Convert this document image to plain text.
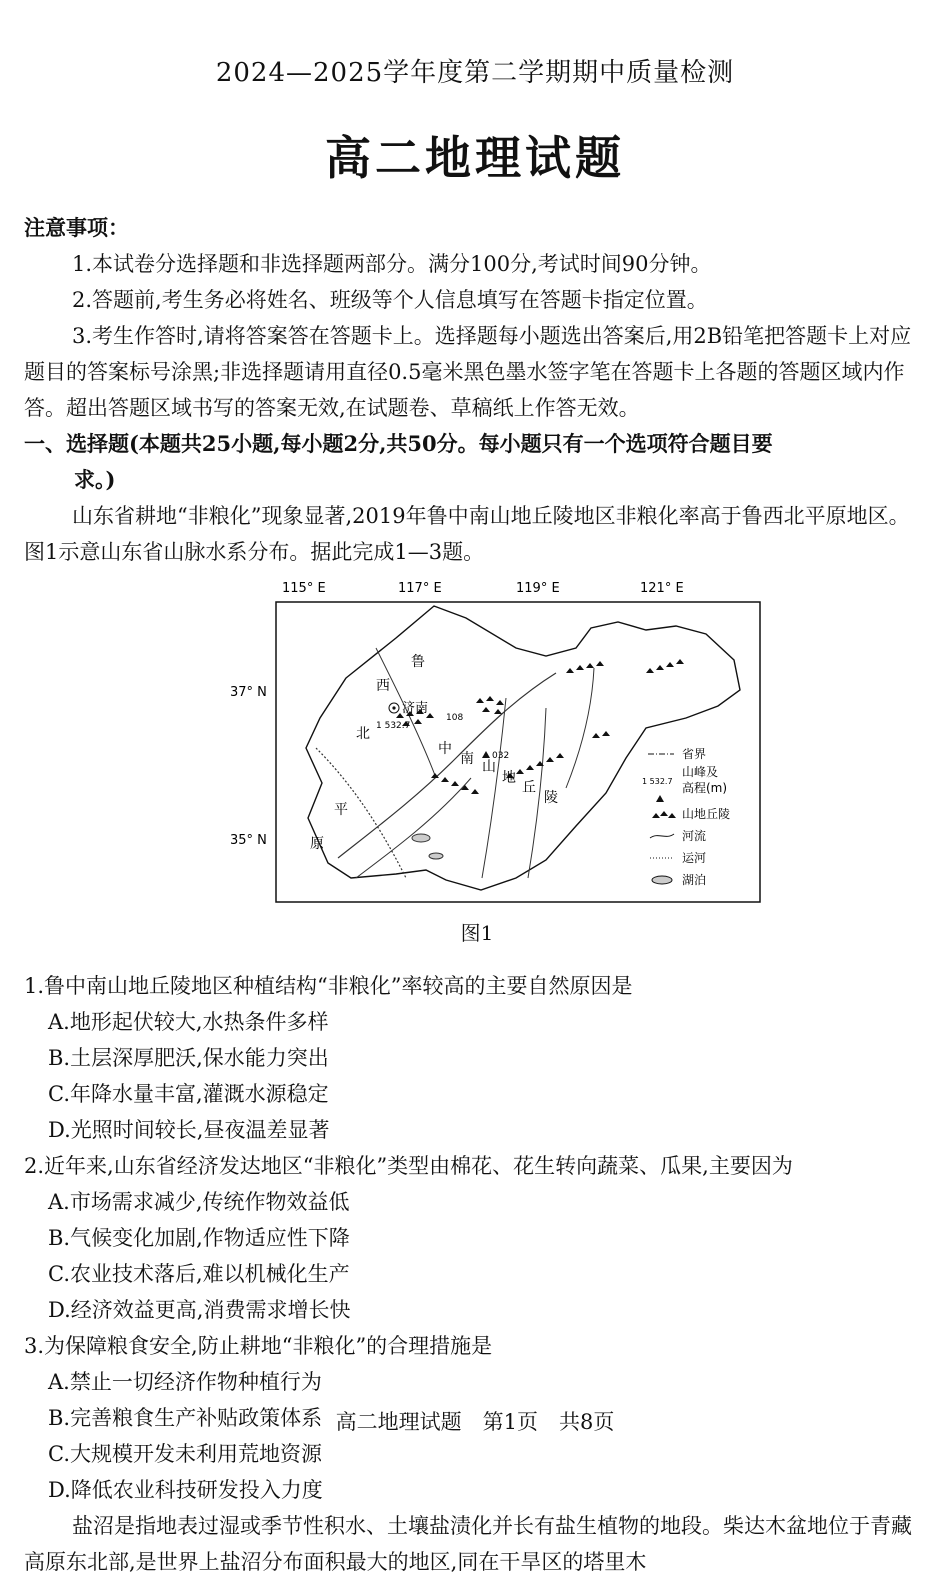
2024—2025学年度第二学期期中质量检测
高二地理试题

注意事项：

1.本试卷分选择题和非选择题两部分。满分100分,考试时间90分钟。

2.答题前,考生务必将姓名、班级等个人信息填写在答题卡指定位置。

3.考生作答时,请将答案答在答题卡上。选择题每小题选出答案后,用2B铅笔把答题卡上对应题目的答案标号涂黑;非选择题请用直径0.5毫米黑色墨水签字笔在答题卡上各题的答题区域内作答。超出答题区域书写的答案无效,在试题卷、草稿纸上作答无效。

一、选择题(本题共25小题,每小题2分,共50分。每小题只有一个选项符合题目要

求。)

山东省耕地“非粮化”现象显著,2019年鲁中南山地丘陵地区非粮化率高于鲁西北平原地区。图1示意山东省山脉水系分布。据此完成1—3题。

115° E	117° E	119° E	121° E
37° N
35° N
济南
1 532.7
108
032
鲁
西
北
平
原
中
南 山
地
丘
陵
省界
1 532.7
山峰及
高程(m)
山地丘陵
河流
运河
湖泊
图1

1.鲁中南山地丘陵地区种植结构“非粮化”率较高的主要自然原因是

A.地形起伏较大,水热条件多样

B.土层深厚肥沃,保水能力突出

C.年降水量丰富,灌溉水源稳定

D.光照时间较长,昼夜温差显著

2.近年来,山东省经济发达地区“非粮化”类型由棉花、花生转向蔬菜、瓜果,主要因为

A.市场需求减少,传统作物效益低

B.气候变化加剧,作物适应性下降

C.农业技术落后,难以机械化生产

D.经济效益更高,消费需求增长快

3.为保障粮食安全,防止耕地“非粮化”的合理措施是

A.禁止一切经济作物种植行为

B.完善粮食生产补贴政策体系

C.大规模开发未利用荒地资源

D.降低农业科技研发投入力度

盐沼是指地表过湿或季节性积水、土壤盐渍化并长有盐生植物的地段。柴达木盆地位于青藏高原东北部,是世界上盐沼分布面积最大的地区,同在干旱区的塔里木

高二地理试题　第1页　共8页
